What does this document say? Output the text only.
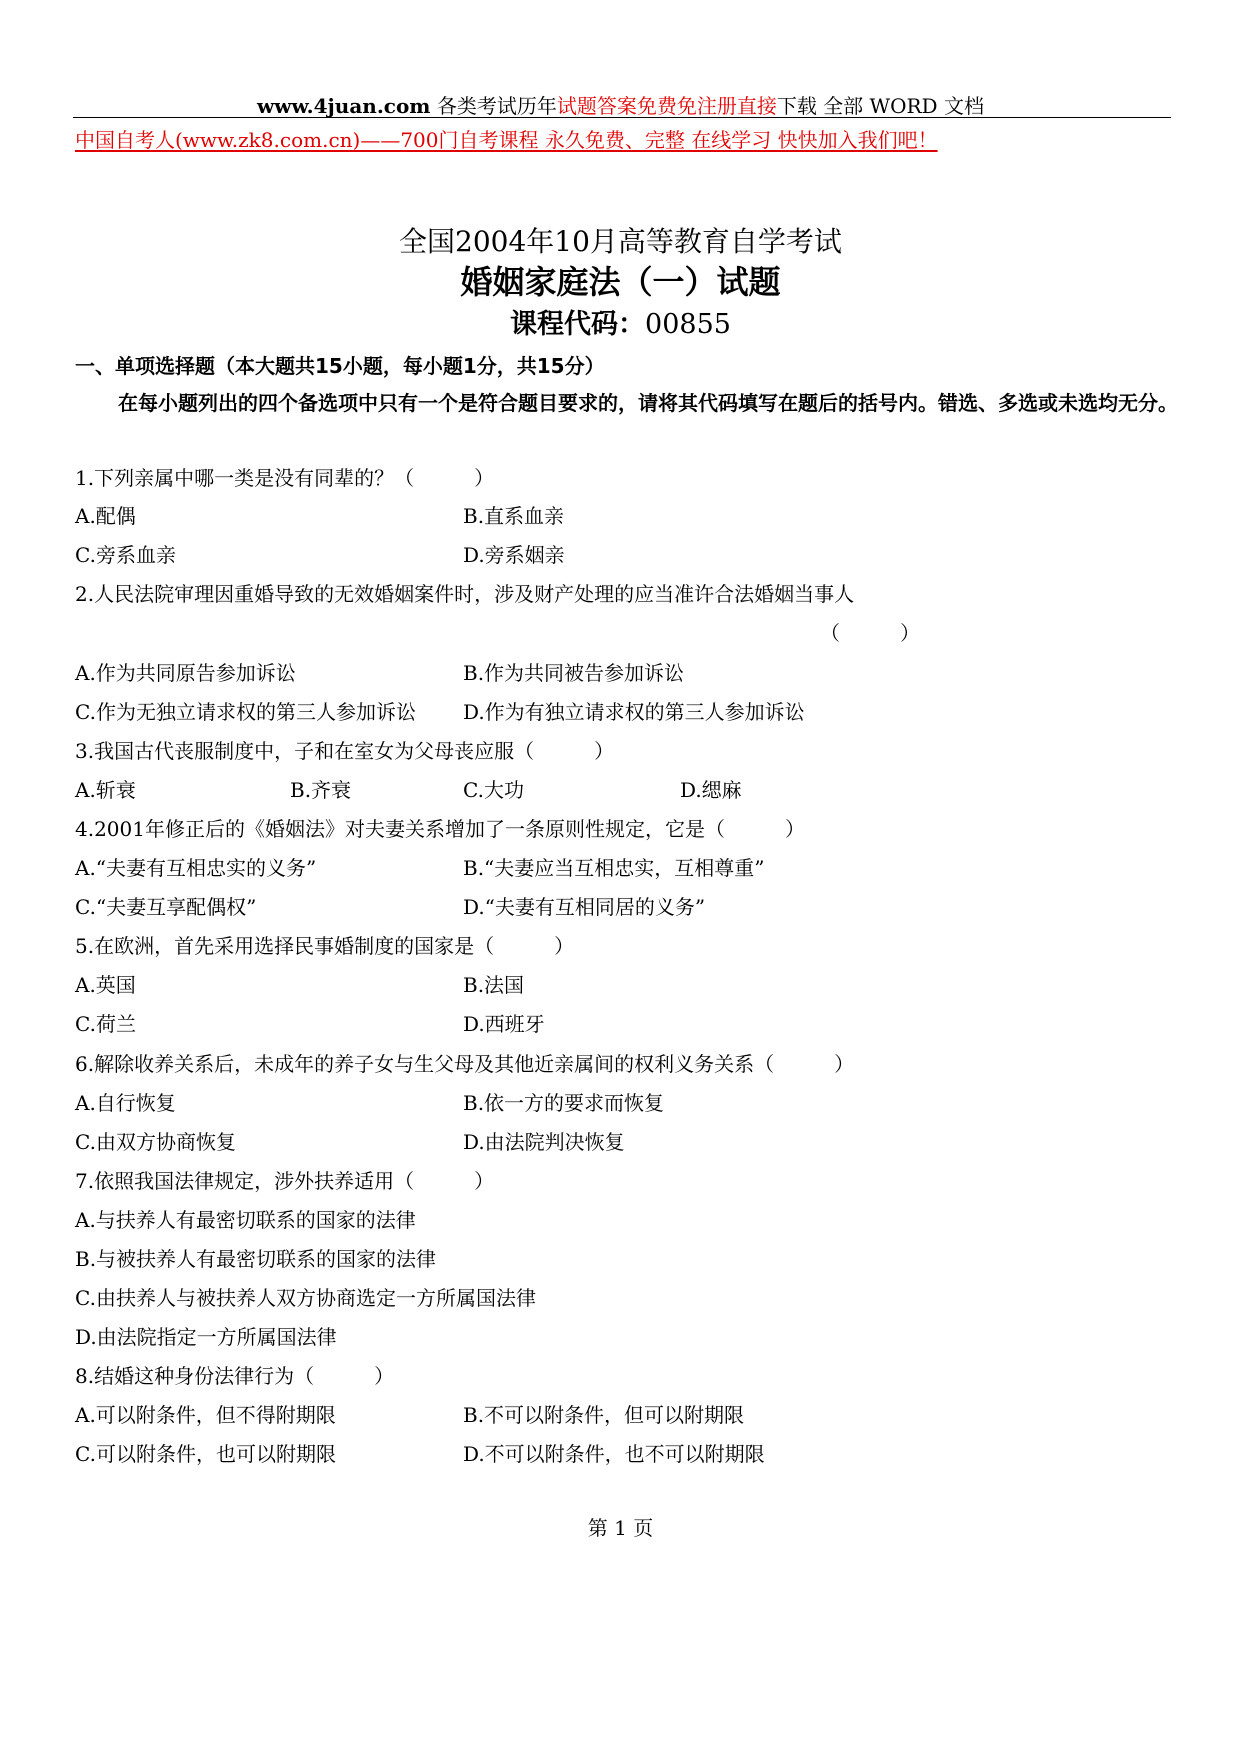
www.4juan.com 各类考试历年试题答案免费免注册直接下载 全部 WORD 文档
中国自考人(www.zk8.com.cn)——700门自考课程 永久免费、完整 在线学习 快快加入我们吧！
全国2004年10月高等教育自学考试
婚姻家庭法（一）试题
课程代码：00855
一、单项选择题（本大题共15小题，每小题1分，共15分）
在每小题列出的四个备选项中只有一个是符合题目要求的，请将其代码填写在题后的括号内。错选、多选或未选均无分。
1.下列亲属中哪一类是没有同辈的？（　　　）
A.配偶	B.直系血亲
C.旁系血亲	D.旁系姻亲
2.人民法院审理因重婚导致的无效婚姻案件时，涉及财产处理的应当准许合法婚姻当事人
（　　　）
A.作为共同原告参加诉讼	B.作为共同被告参加诉讼
C.作为无独立请求权的第三人参加诉讼 D.作为有独立请求权的第三人参加诉讼
3.我国古代丧服制度中，子和在室女为父母丧应服（　　　）
A.斩衰	B.齐衰	C.大功	D.缌麻
4.2001年修正后的《婚姻法》对夫妻关系增加了一条原则性规定，它是（　　　）
A.“夫妻有互相忠实的义务”	B.“夫妻应当互相忠实，互相尊重”
C.“夫妻互享配偶权”	D.“夫妻有互相同居的义务”
5.在欧洲，首先采用选择民事婚制度的国家是（　　　）
A.英国	B.法国
C.荷兰	D.西班牙
6.解除收养关系后，未成年的养子女与生父母及其他近亲属间的权利义务关系（　　　）
A.自行恢复	B.依一方的要求而恢复
C.由双方协商恢复	D.由法院判决恢复
7.依照我国法律规定，涉外扶养适用（　　　）
A.与扶养人有最密切联系的国家的法律
B.与被扶养人有最密切联系的国家的法律
C.由扶养人与被扶养人双方协商选定一方所属国法律
D.由法院指定一方所属国法律
8.结婚这种身份法律行为（　　　）
A.可以附条件，但不得附期限	B.不可以附条件，但可以附期限
C.可以附条件，也可以附期限	D.不可以附条件，也不可以附期限
第 1 页
